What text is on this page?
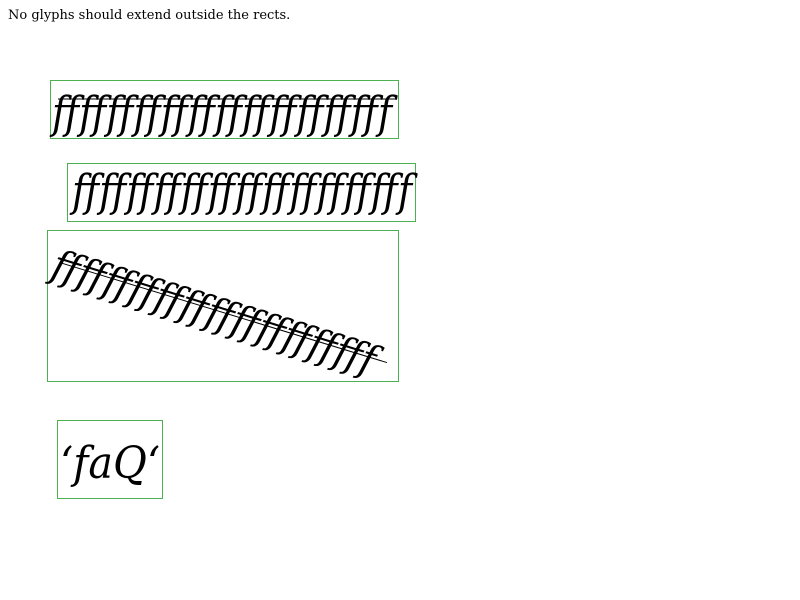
No glyphs should extend outside the rects.
fffffffffffffffffffffffff
fffffffffffffffffffffffff
fffffffffffffffffffffffff
‘faQ‘
